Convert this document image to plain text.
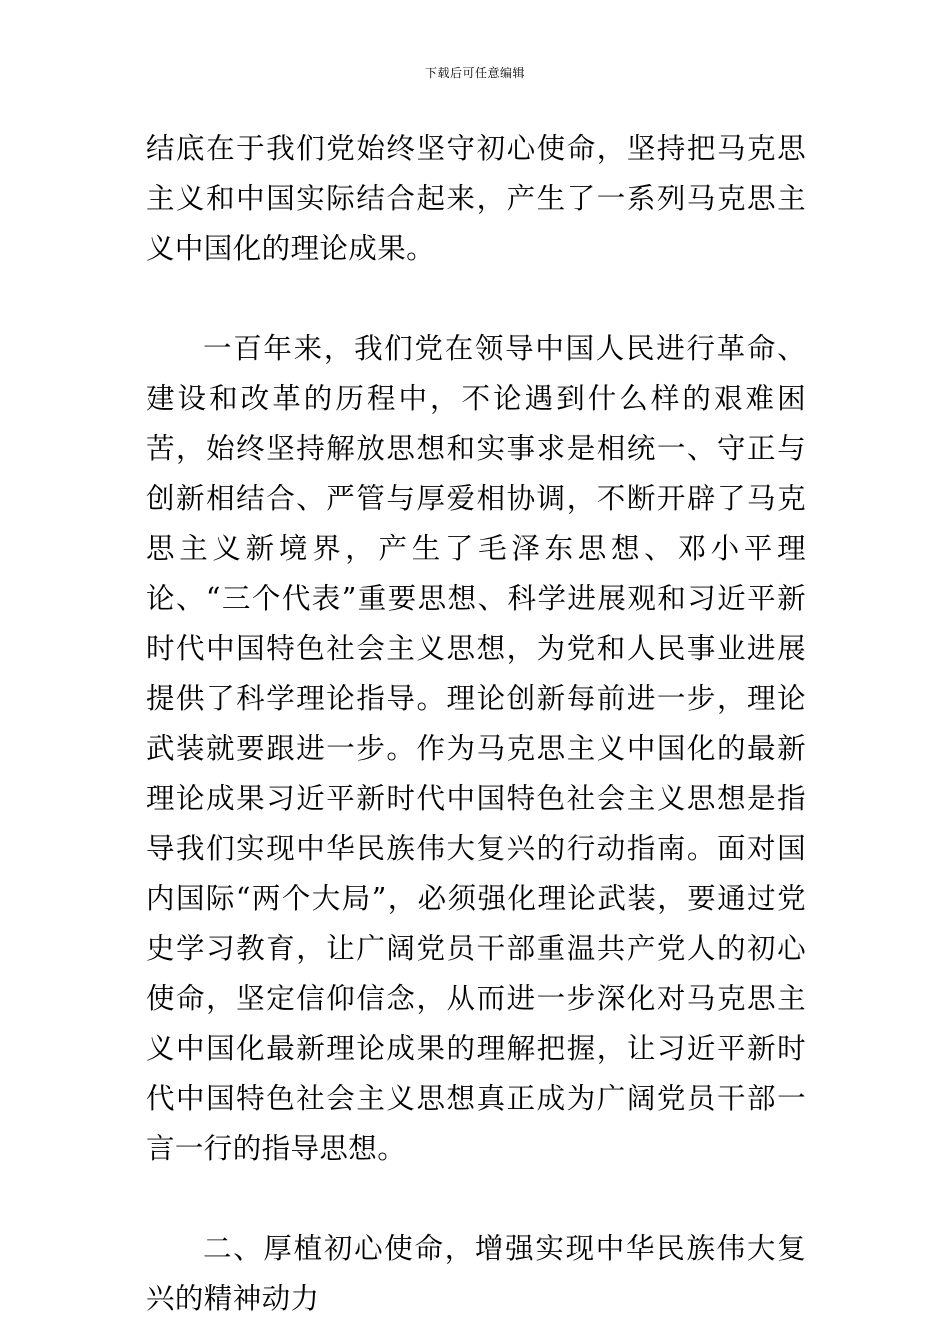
下载后可任意编辑

结底在于我们党始终坚守初心使命，坚持把马克思主义和中国实际结合起来，产生了一系列马克思主义中国化的理论成果。

一百年来，我们党在领导中国人民进行革命、建设和改革的历程中，不论遇到什么样的艰难困苦，始终坚持解放思想和实事求是相统一、守正与创新相结合、严管与厚爱相协调，不断开辟了马克思主义新境界，产生了毛泽东思想、邓小平理论、“三个代表”重要思想、科学进展观和习近平新时代中国特色社会主义思想，为党和人民事业进展提供了科学理论指导。理论创新每前进一步，理论武装就要跟进一步。作为马克思主义中国化的最新理论成果习近平新时代中国特色社会主义思想是指导我们实现中华民族伟大复兴的行动指南。面对国内国际“两个大局”，必须强化理论武装，要通过党史学习教育，让广阔党员干部重温共产党人的初心使命，坚定信仰信念，从而进一步深化对马克思主义中国化最新理论成果的理解把握，让习近平新时代中国特色社会主义思想真正成为广阔党员干部一言一行的指导思想。

二、厚植初心使命，增强实现中华民族伟大复兴的精神动力
